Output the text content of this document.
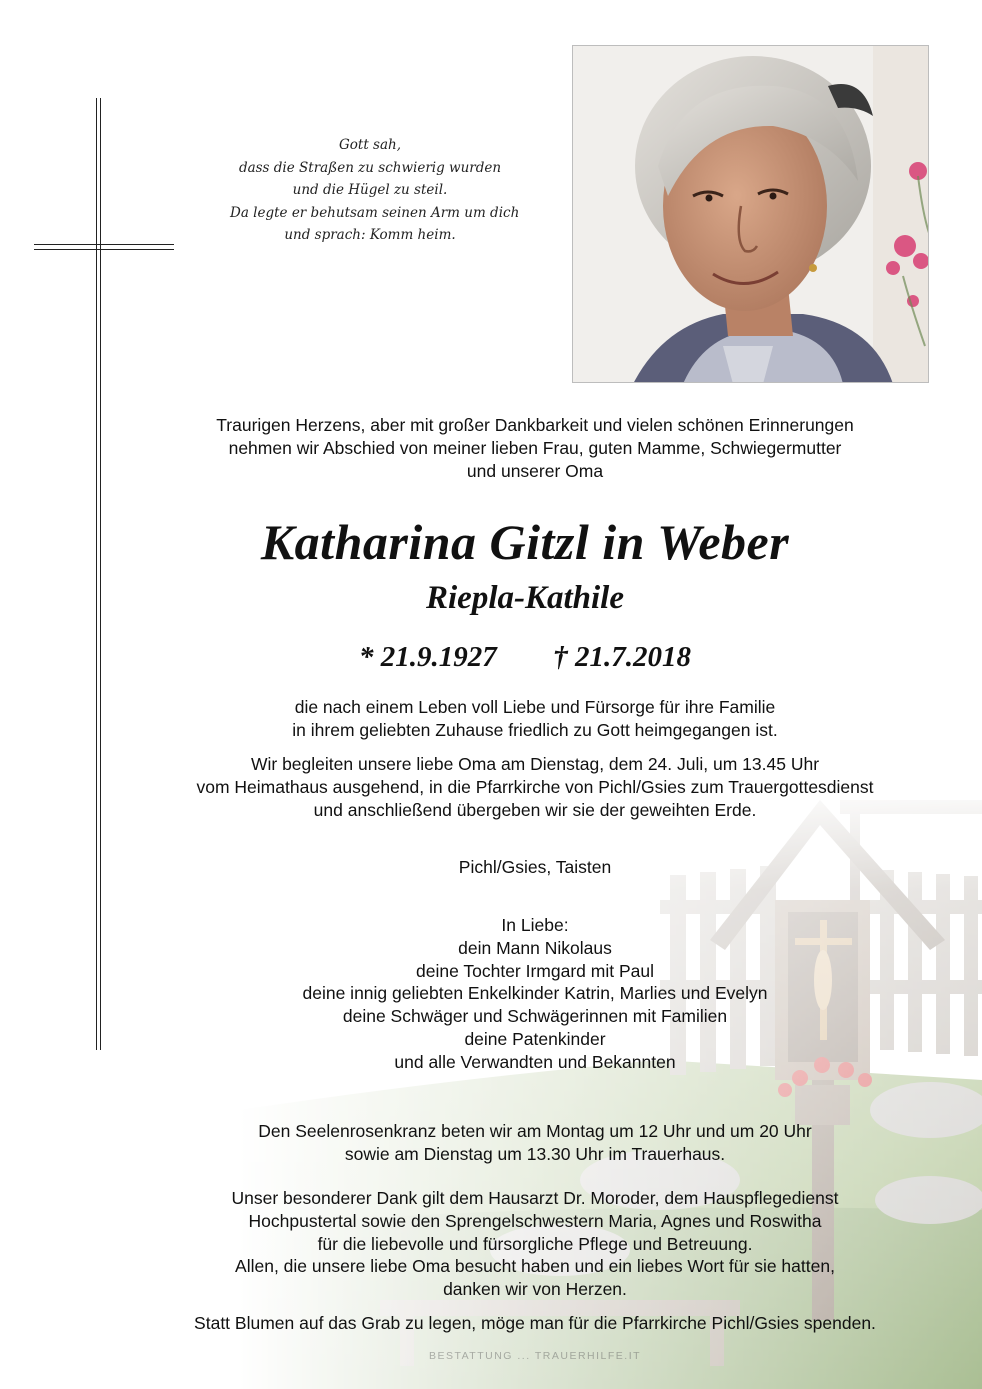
Gott sah,
dass die Straßen zu schwierig wurden
und die Hügel zu steil.
Da legte er behutsam seinen Arm um dich
und sprach: Komm heim.
Traurigen Herzens, aber mit großer Dankbarkeit und vielen schönen Erinnerungen
nehmen wir Abschied von meiner lieben Frau, guten Mamme, Schwiegermutter
und unserer Oma
Katharina Gitzl in Weber
Riepla-Kathile
* 21.9.1927 † 21.7.2018
die nach einem Leben voll Liebe und Fürsorge für ihre Familie
in ihrem geliebten Zuhause friedlich zu Gott heimgegangen ist.
Wir begleiten unsere liebe Oma am Dienstag, dem 24. Juli, um 13.45 Uhr
vom Heimathaus ausgehend, in die Pfarrkirche von Pichl/Gsies zum Trauergottesdienst
und anschließend übergeben wir sie der geweihten Erde.
Pichl/Gsies, Taisten
In Liebe:
dein Mann Nikolaus
deine Tochter Irmgard mit Paul
deine innig geliebten Enkelkinder Katrin, Marlies und Evelyn
deine Schwäger und Schwägerinnen mit Familien
deine Patenkinder
und alle Verwandten und Bekannten
Den Seelenrosenkranz beten wir am Montag um 12 Uhr und um 20 Uhr
sowie am Dienstag um 13.30 Uhr im Trauerhaus.
Unser besonderer Dank gilt dem Hausarzt Dr. Moroder, dem Hauspflegedienst
Hochpustertal sowie den Sprengelschwestern Maria, Agnes und Roswitha
für die liebevolle und fürsorgliche Pflege und Betreuung.
Allen, die unsere liebe Oma besucht haben und ein liebes Wort für sie hatten,
danken wir von Herzen.
Statt Blumen auf das Grab zu legen, möge man für die Pfarrkirche Pichl/Gsies spenden.
BESTATTUNG ... TRAUERHILFE.IT
